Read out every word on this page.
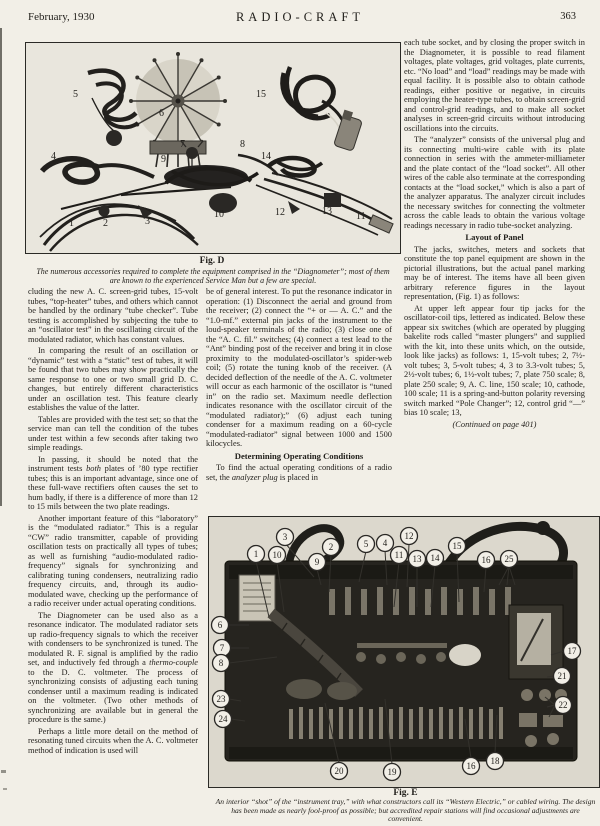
February, 1930	RADIO-CRAFT	363
1	2	3
4
5
6
7	8
9
10	11
12	13
14
15
Fig. D
The numerous accessories required to complete the equipment comprised in the “Diagnometer”; most of them are known to the experienced Service Man but a few are special.

cluding the new A. C. screen-grid tubes, 15-volt tubes, “top-heater” tubes, and others which cannot be handled by the ordinary “tube checker”. Tube testing is accomplished by subjecting the tube to an “oscillator test” in the oscillating circuit of the modulated radiator, which has constant values.

In comparing the result of an oscillation or “dynamic” test with a “static” test of tubes, it will be found that two tubes may show practically the same response to one or two small grid D. C. changes, but entirely different characteristics under an oscillation test. This feature clearly establishes the value of the latter.

Tables are provided with the test set; so that the service man can tell the condition of the tubes under test within a few seconds after taking two simple readings.

In passing, it should be noted that the instrument tests both plates of ’80 type rectifier tubes; this is an important advantage, since one of these full-wave rectifiers often causes the set to hum badly, if there is a difference of more than 12 to 15 mils between the two plate readings.

Another important feature of this “laboratory” is the “modulated radiator.” This is a regular “CW” radio transmitter, capable of providing oscillation tests on practically all types of tubes; as well as furnishing “audio-modulated radio-frequency” signals for synchronizing and calibrating tuning condensers, neutralizing radio frequency circuits, and, through its audio-modulated wave, checking up the performance of a radio receiver under actual operating conditions.

The Diagnometer can be used also as a resonance indicator. The modulated radiator sets up radio-frequency signals to which the receiver with condensers to be synchronized is tuned. The modulated R. F. signal is amplified by the radio set, and inductively fed through a thermo-couple to the D. C. voltmeter. The process of synchronizing consists of adjusting each tuning condenser until a maximum reading is indicated on the voltmeter. (Two other methods of synchronizing are available but in general the procedure is the same.)

Perhaps a little more detail on the method of resonating tuned circuits when the A. C. voltmeter method of indication is used will

be of general interest. To put the resonance indicator in operation: (1) Disconnect the aerial and ground from the receiver; (2) connect the “+ or — A. C.” and the “1.0-mf.” external pin jacks of the instrument to the loud-speaker terminals of the radio; (3) close one of the “A. C. fil.” switches; (4) connect a test lead to the “Ant” binding post of the receiver and bring it in close proximity to the modulated-oscillator’s spider-web coil; (5) rotate the tuning knob of the receiver. (A decided deflection of the needle of the A. C. voltmeter will occur as each harmonic of the oscillator is “tuned in” on the radio set. Maximum needle deflection indicates resonance with the oscillator circuit of the “modulated radiator);” (6) adjust each tuning condenser for a maximum reading on a 60-cycle “modulated-radiator” signal between 1000 and 1500 kilocycles.

Determining Operating Conditions

To find the actual operating conditions of a radio set, the analyzer plug is placed in

each tube socket, and by closing the proper switch in the Diagnometer, it is possible to read filament voltages, plate voltages, grid voltages, plate currents, etc. “No load” and “load” readings may be made with equal facility. It is possible also to obtain cathode readings, either positive or negative, in circuits employing the heater-type tubes, to obtain screen-grid and control-grid readings, and to make all socket analyses in screen-grid circuits without introducing oscillations into the circuits.

The “analyzer” consists of the universal plug and its connecting multi-wire cable with its plate connection in series with the ammeter-milliameter and the plate contact of the “load socket”. All other wires of the cable also terminate at the corresponding contacts at the “load socket,” which is also a part of the analyzer apparatus. The analyzer circuit includes the necessary switches for connecting the voltmeter across the cable leads to obtain the various voltage readings necessary in radio tube-socket analyzing.

Layout of Panel

The jacks, switches, meters and sockets that constitute the top panel equipment are shown in the pictorial illustrations, but the actual panel marking may be of interest. The items have all been given arbitrary reference figures in the layout representation, (Fig. 1) as follows:

At upper left appear four tip jacks for the oscillator-coil tips, lettered as indicated. Below these appear six switches (which are operated by plugging bakelite rods called “master plungers” and supplied with the kit, into these units which, on the outside, look like jacks) as follows: 1, 15-volt tubes; 2, 7½-volt tubes; 3, 5-volt tubes; 4, 3 to 3.3-volt tubes; 5, 2½-volt tubes; 6, 1½-volt tubes; 7, plate 750 scale; 8, plate 250 scale; 9, A. C. line, 150 scale; 10, cathode, 100 scale; 11 is a spring-and-button polarity reversing switch marked “Pole Changer”; 12, control grid “—” bias 10 scale; 13,

(Continued on page 401)
3
1 10
9
2	5 4
11
12
13 14
15
16 25
6
7
8
17
21
22
23
24
20	19
16 18
Fig. E
An interior “shot” of the “instrument tray,” with what constructors call its “Western Electric,” or cabled wiring. The design has been made as nearly fool-proof as possible; but accredited repair stations will find occasional adjustments are convenient.
